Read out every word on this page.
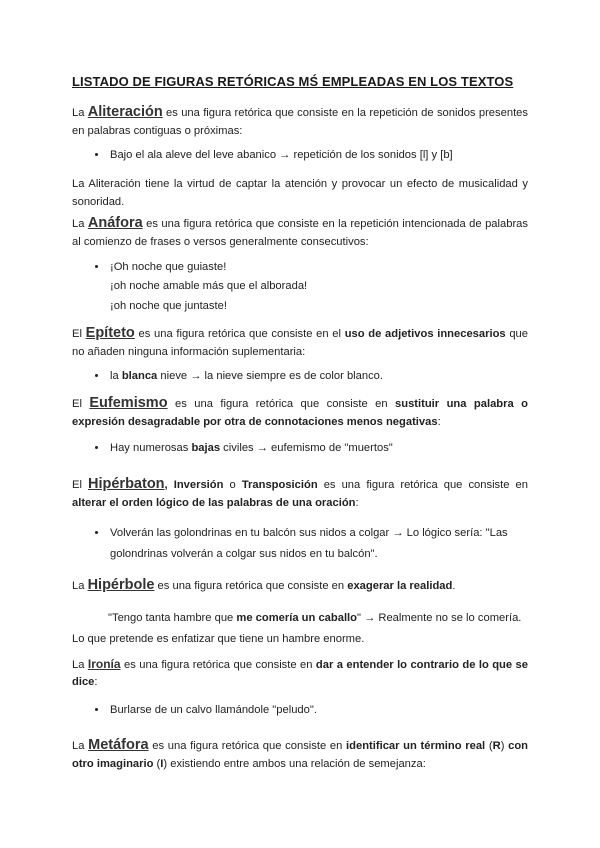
LISTADO DE FIGURAS RETÓRICAS MŚ EMPLEADAS EN LOS TEXTOS

La Aliteración es una figura retórica que consiste en la repetición de sonidos presentes en palabras contiguas o próximas:

• Bajo el ala aleve del leve abanico → repetición de los sonidos [l] y [b]

La Aliteración tiene la virtud de captar la atención y provocar un efecto de musicalidad y sonoridad.

La Anáfora es una figura retórica que consiste en la repetición intencionada de palabras al comienzo de frases o versos generalmente consecutivos:

• ¡Oh noche que guiaste!
¡oh noche amable más que el alborada!
¡oh noche que juntaste!

El Epíteto es una figura retórica que consiste en el uso de adjetivos innecesarios que no añaden ninguna información suplementaria:

• la blanca nieve → la nieve siempre es de color blanco.

El Eufemismo es una figura retórica que consiste en sustituir una palabra o expresión desagradable por otra de connotaciones menos negativas:

• Hay numerosas bajas civiles → eufemismo de "muertos"

El Hipérbaton, Inversión o Transposición es una figura retórica que consiste en alterar el orden lógico de las palabras de una oración:

• Volverán las golondrinas en tu balcón sus nidos a colgar → Lo lógico sería: "Las
golondrinas volverán a colgar sus nidos en tu balcón".

La Hipérbole es una figura retórica que consiste en exagerar la realidad.

"Tengo tanta hambre que me comería un caballo" → Realmente no se lo comería.
Lo que pretende es enfatizar que tiene un hambre enorme.

La Ironía es una figura retórica que consiste en dar a entender lo contrario de lo que se dice:

• Burlarse de un calvo llamándole "peludo".

La Metáfora es una figura retórica que consiste en identificar un término real (R) con otro imaginario (I) existiendo entre ambos una relación de semejanza:
